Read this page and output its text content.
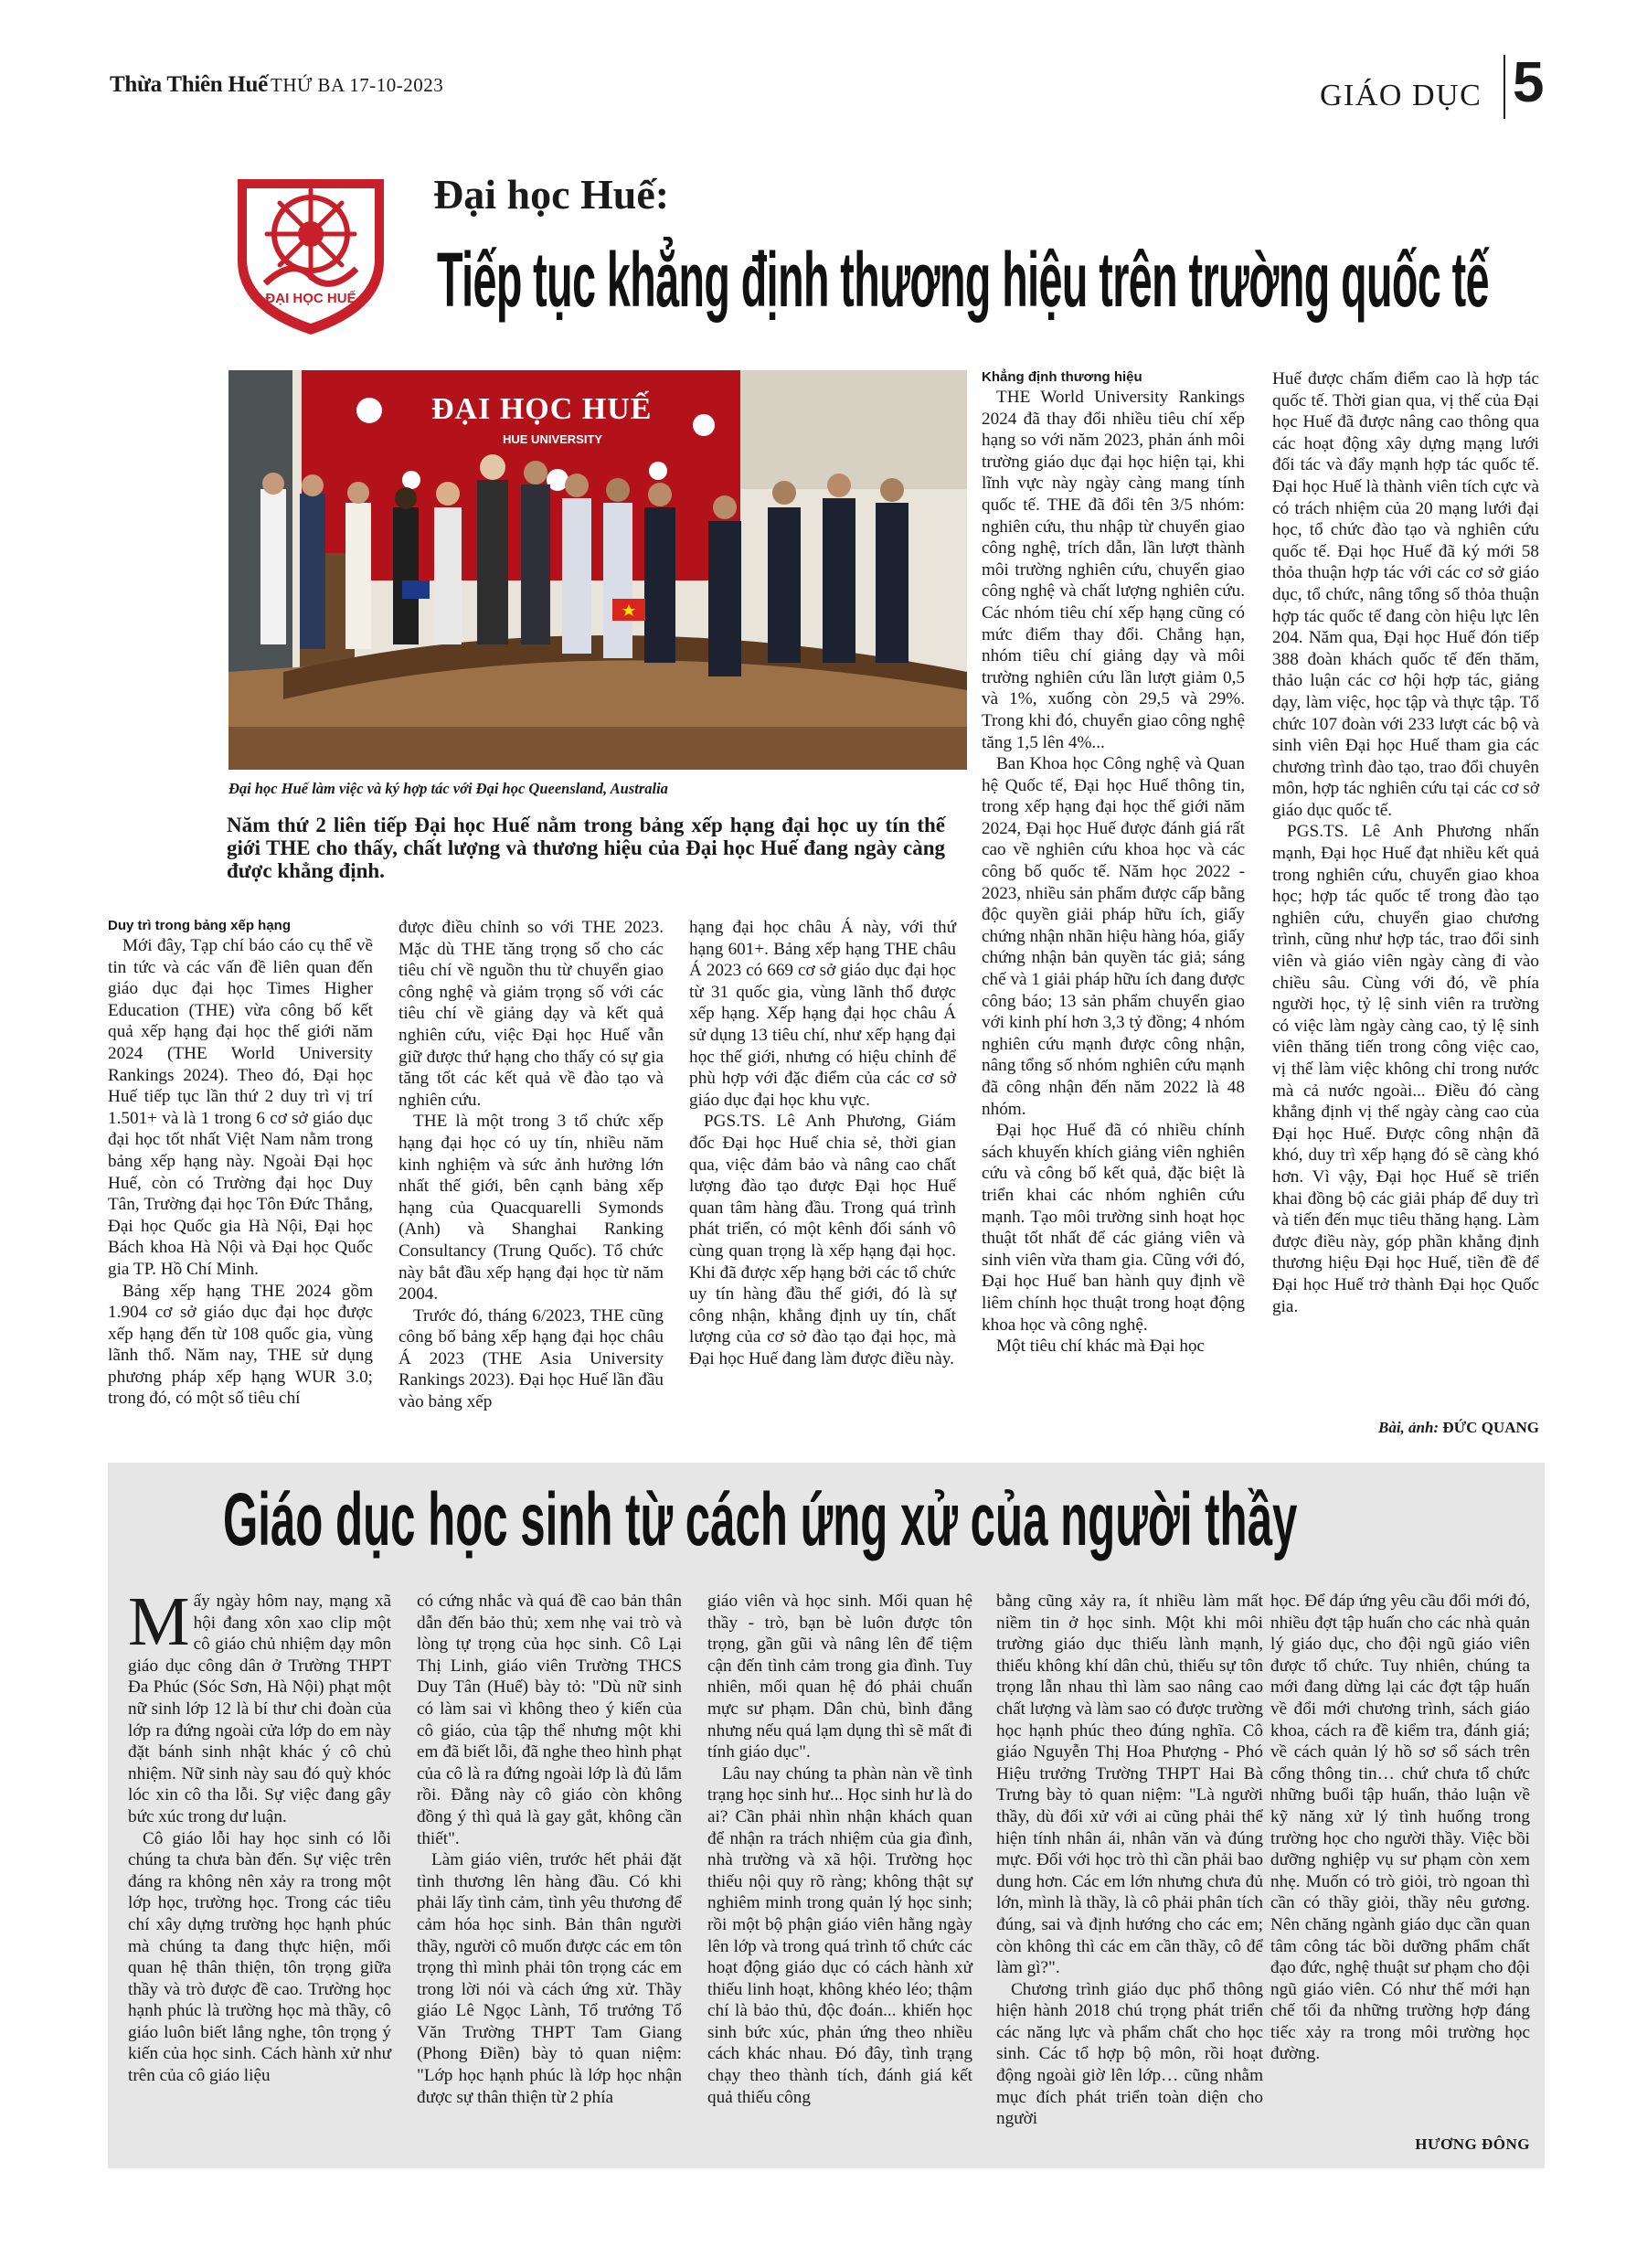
Thừa Thiên Huế THỨ BA 17-10-2023	GIÁO DỤC 5
ĐẠI HỌC HUẾ
Đại học Huế:
Tiếp tục khẳng định thương hiệu trên trường quốc tế
ĐẠI HỌC HUẾ
HUE UNIVERSITY
Đại học Huế làm việc và ký hợp tác với Đại học Queensland, Australia
Năm thứ 2 liên tiếp Đại học Huế nằm trong bảng xếp hạng đại học uy tín thế giới THE cho thấy, chất lượng và thương hiệu của Đại học Huế đang ngày càng được khẳng định.

Duy trì trong bảng xếp hạng

Mới đây, Tạp chí báo cáo cụ thể về tin tức và các vấn đề liên quan đến giáo dục đại học Times Higher Education (THE) vừa công bố kết quả xếp hạng đại học thế giới năm 2024 (THE World University Rankings 2024). Theo đó, Đại học Huế tiếp tục lần thứ 2 duy trì vị trí 1.501+ và là 1 trong 6 cơ sở giáo dục đại học tốt nhất Việt Nam nằm trong bảng xếp hạng này. Ngoài Đại học Huế, còn có Trường đại học Duy Tân, Trường đại học Tôn Đức Thắng, Đại học Quốc gia Hà Nội, Đại học Bách khoa Hà Nội và Đại học Quốc gia TP. Hồ Chí Minh.

Bảng xếp hạng THE 2024 gồm 1.904 cơ sở giáo dục đại học được xếp hạng đến từ 108 quốc gia, vùng lãnh thổ. Năm nay, THE sử dụng phương pháp xếp hạng WUR 3.0; trong đó, có một số tiêu chí

được điều chỉnh so với THE 2023. Mặc dù THE tăng trọng số cho các tiêu chí về nguồn thu từ chuyển giao công nghệ và giảm trọng số với các tiêu chí về giảng dạy và kết quả nghiên cứu, việc Đại học Huế vẫn giữ được thứ hạng cho thấy có sự gia tăng tốt các kết quả về đào tạo và nghiên cứu.

THE là một trong 3 tổ chức xếp hạng đại học có uy tín, nhiều năm kinh nghiệm và sức ảnh hưởng lớn nhất thế giới, bên cạnh bảng xếp hạng của Quacquarelli Symonds (Anh) và Shanghai Ranking Consultancy (Trung Quốc). Tổ chức này bắt đầu xếp hạng đại học từ năm 2004.

Trước đó, tháng 6/2023, THE cũng công bố bảng xếp hạng đại học châu Á 2023 (THE Asia University Rankings 2023). Đại học Huế lần đầu vào bảng xếp

hạng đại học châu Á này, với thứ hạng 601+. Bảng xếp hạng THE châu Á 2023 có 669 cơ sở giáo dục đại học từ 31 quốc gia, vùng lãnh thổ được xếp hạng. Xếp hạng đại học châu Á sử dụng 13 tiêu chí, như xếp hạng đại học thế giới, nhưng có hiệu chỉnh để phù hợp với đặc điểm của các cơ sở giáo dục đại học khu vực.

PGS.TS. Lê Anh Phương, Giám đốc Đại học Huế chia sẻ, thời gian qua, việc đảm bảo và nâng cao chất lượng đào tạo được Đại học Huế quan tâm hàng đầu. Trong quá trình phát triển, có một kênh đối sánh vô cùng quan trọng là xếp hạng đại học. Khi đã được xếp hạng bởi các tổ chức uy tín hàng đầu thế giới, đó là sự công nhận, khẳng định uy tín, chất lượng của cơ sở đào tạo đại học, mà Đại học Huế đang làm được điều này.

Khẳng định thương hiệu

THE World University Rankings 2024 đã thay đổi nhiều tiêu chí xếp hạng so với năm 2023, phản ánh môi trường giáo dục đại học hiện tại, khi lĩnh vực này ngày càng mang tính quốc tế. THE đã đổi tên 3/5 nhóm: nghiên cứu, thu nhập từ chuyển giao công nghệ, trích dẫn, lần lượt thành môi trường nghiên cứu, chuyển giao công nghệ và chất lượng nghiên cứu. Các nhóm tiêu chí xếp hạng cũng có mức điểm thay đổi. Chẳng hạn, nhóm tiêu chí giảng dạy và môi trường nghiên cứu lần lượt giảm 0,5 và 1%, xuống còn 29,5 và 29%. Trong khi đó, chuyển giao công nghệ tăng 1,5 lên 4%...

Ban Khoa học Công nghệ và Quan hệ Quốc tế, Đại học Huế thông tin, trong xếp hạng đại học thế giới năm 2024, Đại học Huế được đánh giá rất cao về nghiên cứu khoa học và các công bố quốc tế. Năm học 2022 - 2023, nhiều sản phẩm được cấp bằng độc quyền giải pháp hữu ích, giấy chứng nhận nhãn hiệu hàng hóa, giấy chứng nhận bản quyền tác giả; sáng chế và 1 giải pháp hữu ích đang được công báo; 13 sản phẩm chuyển giao với kinh phí hơn 3,3 tỷ đồng; 4 nhóm nghiên cứu mạnh được công nhận, nâng tổng số nhóm nghiên cứu mạnh đã công nhận đến năm 2022 là 48 nhóm.

Đại học Huế đã có nhiều chính sách khuyến khích giảng viên nghiên cứu và công bố kết quả, đặc biệt là triển khai các nhóm nghiên cứu mạnh. Tạo môi trường sinh hoạt học thuật tốt nhất để các giảng viên và sinh viên vừa tham gia. Cũng với đó, Đại học Huế ban hành quy định về liêm chính học thuật trong hoạt động khoa học và công nghệ.

Một tiêu chí khác mà Đại học

Huế được chấm điểm cao là hợp tác quốc tế. Thời gian qua, vị thế của Đại học Huế đã được nâng cao thông qua các hoạt động xây dựng mạng lưới đối tác và đẩy mạnh hợp tác quốc tế. Đại học Huế là thành viên tích cực và có trách nhiệm của 20 mạng lưới đại học, tổ chức đào tạo và nghiên cứu quốc tế. Đại học Huế đã ký mới 58 thỏa thuận hợp tác với các cơ sở giáo dục, tổ chức, nâng tổng số thỏa thuận hợp tác quốc tế đang còn hiệu lực lên 204. Năm qua, Đại học Huế đón tiếp 388 đoàn khách quốc tế đến thăm, thảo luận các cơ hội hợp tác, giảng dạy, làm việc, học tập và thực tập. Tổ chức 107 đoàn với 233 lượt các bộ và sinh viên Đại học Huế tham gia các chương trình đào tạo, trao đổi chuyên môn, hợp tác nghiên cứu tại các cơ sở giáo dục quốc tế.

PGS.TS. Lê Anh Phương nhấn mạnh, Đại học Huế đạt nhiều kết quả trong nghiên cứu, chuyển giao khoa học; hợp tác quốc tế trong đào tạo nghiên cứu, chuyển giao chương trình, cũng như hợp tác, trao đổi sinh viên và giáo viên ngày càng đi vào chiều sâu. Cùng với đó, về phía người học, tỷ lệ sinh viên ra trường có việc làm ngày càng cao, tỷ lệ sinh viên thăng tiến trong công việc cao, vị thế làm việc không chỉ trong nước mà cả nước ngoài... Điều đó càng khẳng định vị thế ngày càng cao của Đại học Huế. Được công nhận đã khó, duy trì xếp hạng đó sẽ càng khó hơn. Vì vậy, Đại học Huế sẽ triển khai đồng bộ các giải pháp để duy trì và tiến đến mục tiêu thăng hạng. Làm được điều này, góp phần khẳng định thương hiệu Đại học Huế, tiền đề để Đại học Huế trở thành Đại học Quốc gia.

Bài, ảnh: ĐỨC QUANG
Giáo dục học sinh từ cách ứng xử của người thầy

M ấy ngày hôm nay, mạng xã hội đang xôn xao clip một cô giáo chủ nhiệm dạy môn giáo dục công dân ở Trường THPT Đa Phúc (Sóc Sơn, Hà Nội) phạt một nữ sinh lớp 12 là bí thư chi đoàn của lớp ra đứng ngoài cửa lớp do em này đặt bánh sinh nhật khác ý cô chủ nhiệm. Nữ sinh này sau đó quỳ khóc lóc xin cô tha lỗi. Sự việc đang gây bức xúc trong dư luận.

Cô giáo lỗi hay học sinh có lỗi chúng ta chưa bàn đến. Sự việc trên đáng ra không nên xảy ra trong một lớp học, trường học. Trong các tiêu chí xây dựng trường học hạnh phúc mà chúng ta đang thực hiện, mối quan hệ thân thiện, tôn trọng giữa thầy và trò được đề cao. Trường học hạnh phúc là trường học mà thầy, cô giáo luôn biết lắng nghe, tôn trọng ý kiến của học sinh. Cách hành xử như trên của cô giáo liệu

có cứng nhắc và quá đề cao bản thân dẫn đến bảo thủ; xem nhẹ vai trò và lòng tự trọng của học sinh. Cô Lại Thị Linh, giáo viên Trường THCS Duy Tân (Huế) bày tỏ: "Dù nữ sinh có làm sai vì không theo ý kiến của cô giáo, của tập thể nhưng một khi em đã biết lỗi, đã nghe theo hình phạt của cô là ra đứng ngoài lớp là đủ lắm rồi. Đằng này cô giáo còn không đồng ý thì quả là gay gắt, không cần thiết".

Làm giáo viên, trước hết phải đặt tình thương lên hàng đầu. Có khi phải lấy tình cảm, tình yêu thương để cảm hóa học sinh. Bản thân người thầy, người cô muốn được các em tôn trọng thì mình phải tôn trọng các em trong lời nói và cách ứng xử. Thầy giáo Lê Ngọc Lành, Tổ trưởng Tổ Văn Trường THPT Tam Giang (Phong Điền) bày tỏ quan niệm: "Lớp học hạnh phúc là lớp học nhận được sự thân thiện từ 2 phía

giáo viên và học sinh. Mối quan hệ thầy - trò, bạn bè luôn được tôn trọng, gần gũi và nâng lên để tiệm cận đến tình cảm trong gia đình. Tuy nhiên, mối quan hệ đó phải chuẩn mực sư phạm. Dân chủ, bình đẳng nhưng nếu quá lạm dụng thì sẽ mất đi tính giáo dục".

Lâu nay chúng ta phàn nàn về tình trạng học sinh hư... Học sinh hư là do ai? Cần phải nhìn nhận khách quan để nhận ra trách nhiệm của gia đình, nhà trường và xã hội. Trường học thiếu nội quy rõ ràng; không thật sự nghiêm minh trong quản lý học sinh; rồi một bộ phận giáo viên hằng ngày lên lớp và trong quá trình tổ chức các hoạt động giáo dục có cách hành xử thiếu linh hoạt, không khéo léo; thậm chí là bảo thủ, độc đoán... khiến học sinh bức xúc, phản ứng theo nhiều cách khác nhau. Đó đây, tình trạng chạy theo thành tích, đánh giá kết quả thiếu công

bằng cũng xảy ra, ít nhiều làm mất niềm tin ở học sinh. Một khi môi trường giáo dục thiếu lành mạnh, thiếu không khí dân chủ, thiếu sự tôn trọng lẫn nhau thì làm sao nâng cao chất lượng và làm sao có được trường học hạnh phúc theo đúng nghĩa. Cô giáo Nguyễn Thị Hoa Phượng - Phó Hiệu trưởng Trường THPT Hai Bà Trưng bày tỏ quan niệm: "Là người thầy, dù đối xử với ai cũng phải thể hiện tính nhân ái, nhân văn và đúng mực. Đối với học trò thì cần phải bao dung hơn. Các em lớn nhưng chưa đủ lớn, mình là thầy, là cô phải phân tích đúng, sai và định hướng cho các em; còn không thì các em cần thầy, cô để làm gì?".

Chương trình giáo dục phổ thông hiện hành 2018 chú trọng phát triển các năng lực và phẩm chất cho học sinh. Các tổ hợp bộ môn, rồi hoạt động ngoài giờ lên lớp… cũng nhằm mục đích phát triển toàn diện cho người

học. Để đáp ứng yêu cầu đổi mới đó, nhiều đợt tập huấn cho các nhà quản lý giáo dục, cho đội ngũ giáo viên được tổ chức. Tuy nhiên, chúng ta mới đang dừng lại các đợt tập huấn về đổi mới chương trình, sách giáo khoa, cách ra đề kiểm tra, đánh giá; về cách quản lý hồ sơ sổ sách trên cổng thông tin… chứ chưa tổ chức những buổi tập huấn, thảo luận về kỹ năng xử lý tình huống trong trường học cho người thầy. Việc bồi dưỡng nghiệp vụ sư phạm còn xem nhẹ. Muốn có trò giỏi, trò ngoan thì cần có thầy giỏi, thầy nêu gương. Nên chăng ngành giáo dục cần quan tâm công tác bồi dưỡng phẩm chất đạo đức, nghệ thuật sư phạm cho đội ngũ giáo viên. Có như thế mới hạn chế tối đa những trường hợp đáng tiếc xảy ra trong môi trường học đường.

HƯƠNG ĐÔNG
